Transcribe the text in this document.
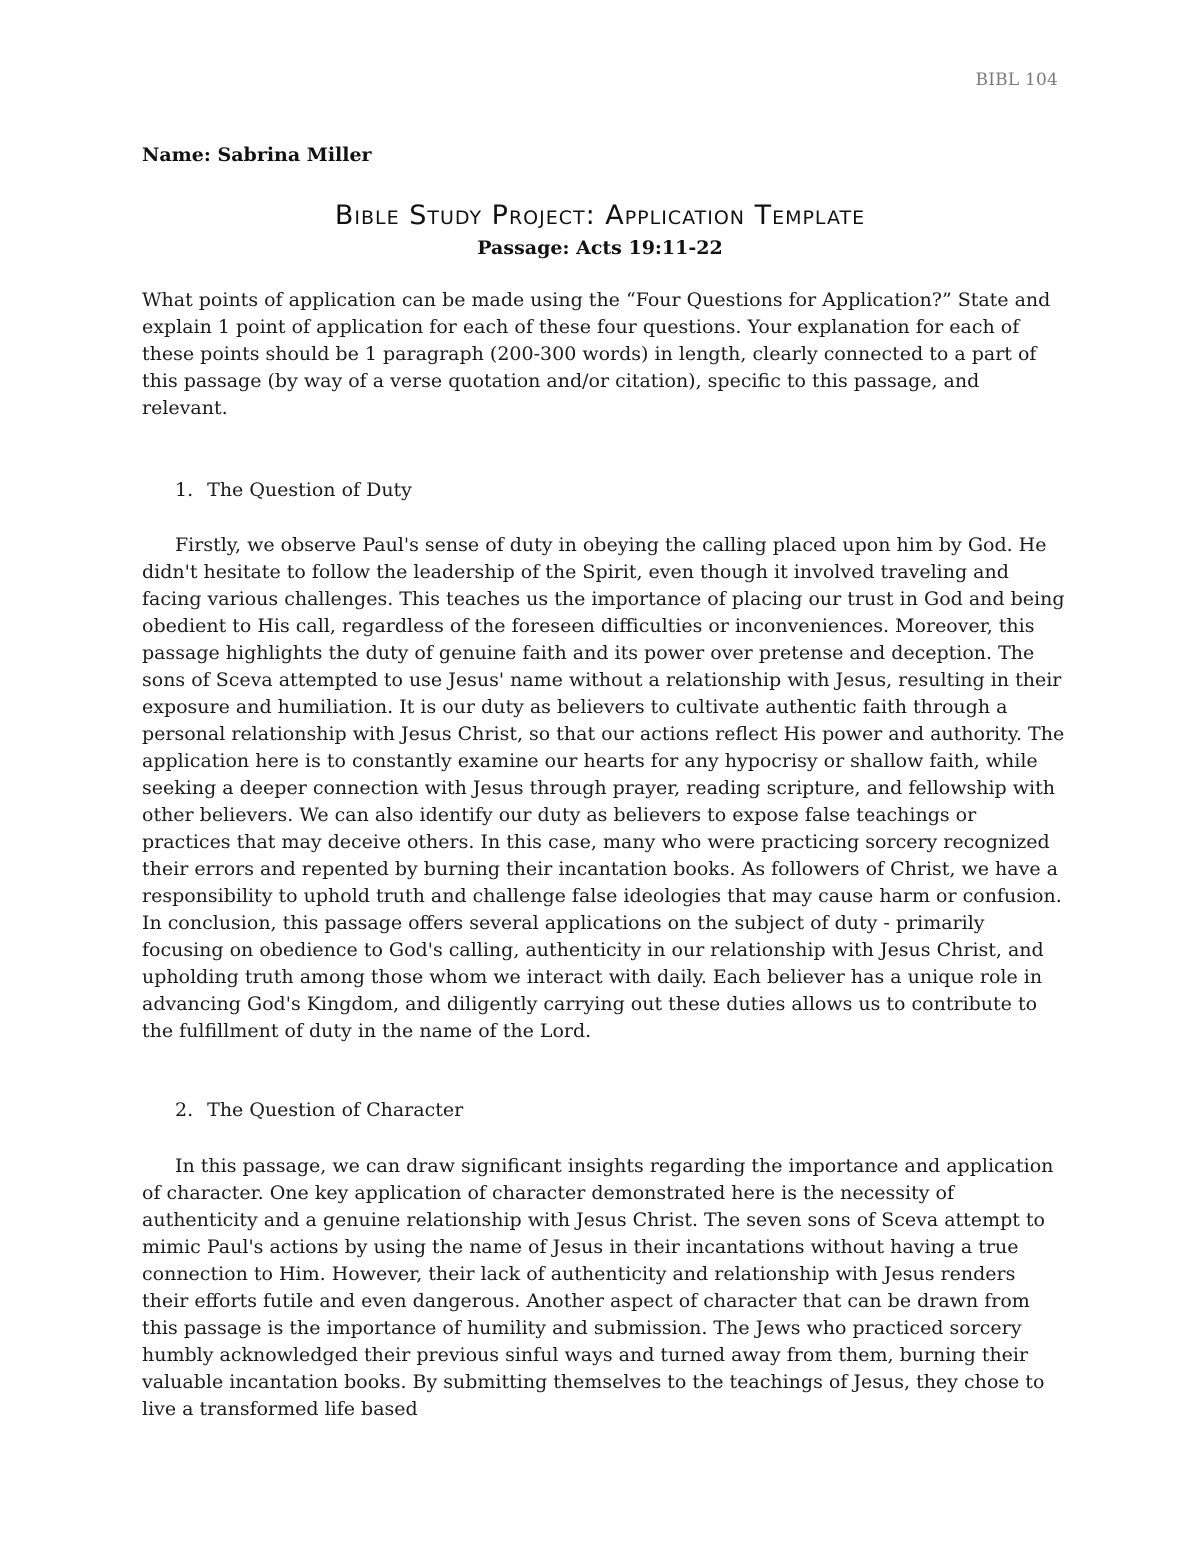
BIBL 104
Name: Sabrina Miller
Bible Study Project: Application Template
Passage: Acts 19:11-22

What points of application can be made using the “Four Questions for Application?” State and explain 1 point of application for each of these four questions. Your explanation for each of these points should be 1 paragraph (200-300 words) in length, clearly connected to a part of this passage (by way of a verse quotation and/or citation), specific to this passage, and relevant.

1. The Question of Duty

Firstly, we observe Paul's sense of duty in obeying the calling placed upon him by God. He didn't hesitate to follow the leadership of the Spirit, even though it involved traveling and facing various challenges. This teaches us the importance of placing our trust in God and being obedient to His call, regardless of the foreseen difficulties or inconveniences. Moreover, this passage highlights the duty of genuine faith and its power over pretense and deception. The sons of Sceva attempted to use Jesus' name without a relationship with Jesus, resulting in their exposure and humiliation. It is our duty as believers to cultivate authentic faith through a personal relationship with Jesus Christ, so that our actions reflect His power and authority. The application here is to constantly examine our hearts for any hypocrisy or shallow faith, while seeking a deeper connection with Jesus through prayer, reading scripture, and fellowship with other believers. We can also identify our duty as believers to expose false teachings or practices that may deceive others. In this case, many who were practicing sorcery recognized their errors and repented by burning their incantation books. As followers of Christ, we have a responsibility to uphold truth and challenge false ideologies that may cause harm or confusion. In conclusion, this passage offers several applications on the subject of duty - primarily focusing on obedience to God's calling, authenticity in our relationship with Jesus Christ, and upholding truth among those whom we interact with daily. Each believer has a unique role in advancing God's Kingdom, and diligently carrying out these duties allows us to contribute to the fulfillment of duty in the name of the Lord.

2. The Question of Character

In this passage, we can draw significant insights regarding the importance and application of character. One key application of character demonstrated here is the necessity of authenticity and a genuine relationship with Jesus Christ. The seven sons of Sceva attempt to mimic Paul's actions by using the name of Jesus in their incantations without having a true connection to Him. However, their lack of authenticity and relationship with Jesus renders their efforts futile and even dangerous. Another aspect of character that can be drawn from this passage is the importance of humility and submission. The Jews who practiced sorcery humbly acknowledged their previous sinful ways and turned away from them, burning their valuable incantation books. By submitting themselves to the teachings of Jesus, they chose to live a transformed life based
